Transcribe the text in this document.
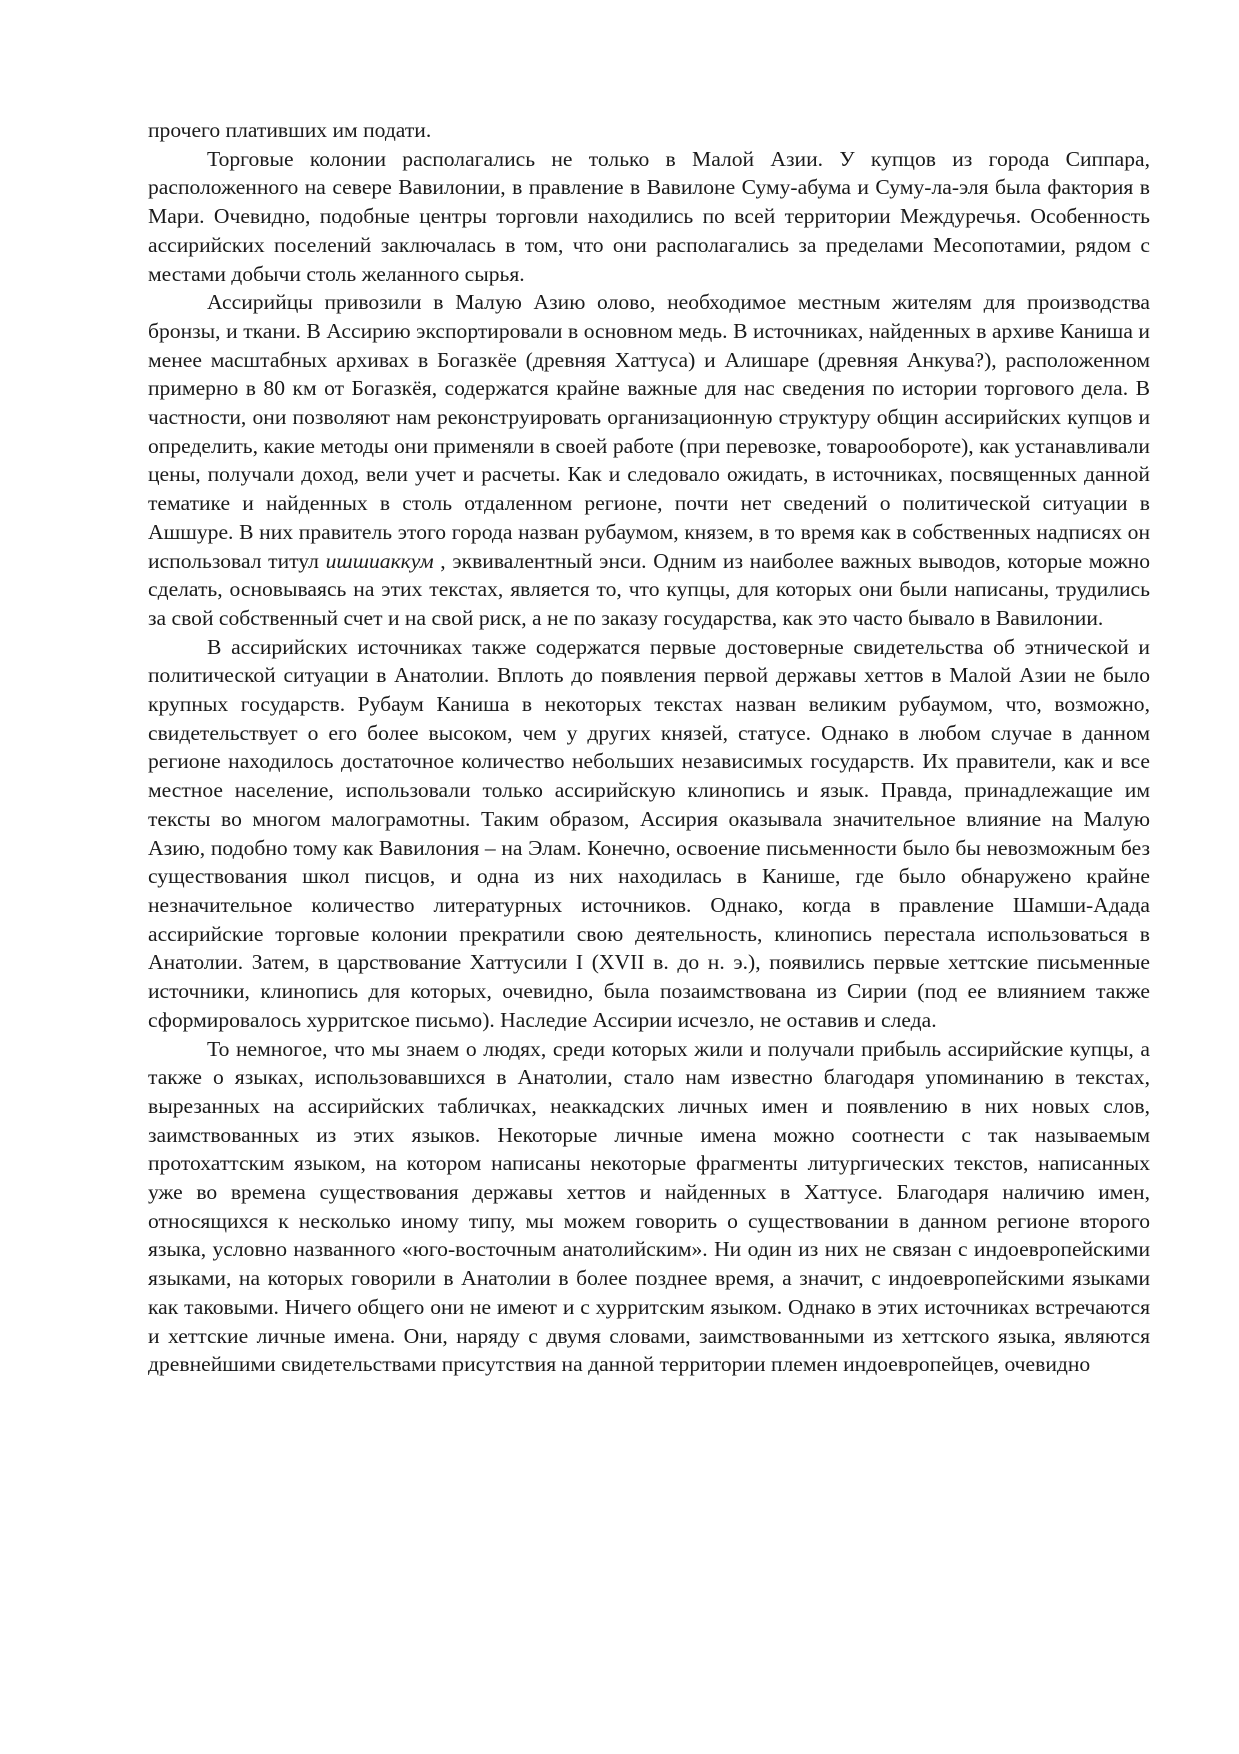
прочего плативших им подати.

Торговые колонии располагались не только в Малой Азии. У купцов из города Сиппара, расположенного на севере Вавилонии, в правление в Вавилоне Суму-абума и Суму-ла-эля была фактория в Мари. Очевидно, подобные центры торговли находились по всей территории Междуречья. Особенность ассирийских поселений заключалась в том, что они располагались за пределами Месопотамии, рядом с местами добычи столь желанного сырья.

Ассирийцы привозили в Малую Азию олово, необходимое местным жителям для производства бронзы, и ткани. В Ассирию экспортировали в основном медь. В источниках, найденных в архиве Каниша и менее масштабных архивах в Богазкёе (древняя Хаттуса) и Алишаре (древняя Анкува?), расположенном примерно в 80 км от Богазкёя, содержатся крайне важные для нас сведения по истории торгового дела. В частности, они позволяют нам реконструировать организационную структуру общин ассирийских купцов и определить, какие методы они применяли в своей работе (при перевозке, товарообороте), как устанавливали цены, получали доход, вели учет и расчеты. Как и следовало ожидать, в источниках, посвященных данной тематике и найденных в столь отдаленном регионе, почти нет сведений о политической ситуации в Ашшуре. В них правитель этого города назван рубаумом, князем, в то время как в собственных надписях он использовал титул ишшиаккум , эквивалентный энси. Одним из наиболее важных выводов, которые можно сделать, основываясь на этих текстах, является то, что купцы, для которых они были написаны, трудились за свой собственный счет и на свой риск, а не по заказу государства, как это часто бывало в Вавилонии.

В ассирийских источниках также содержатся первые достоверные свидетельства об этнической и политической ситуации в Анатолии. Вплоть до появления первой державы хеттов в Малой Азии не было крупных государств. Рубаум Каниша в некоторых текстах назван великим рубаумом, что, возможно, свидетельствует о его более высоком, чем у других князей, статусе. Однако в любом случае в данном регионе находилось достаточное количество небольших независимых государств. Их правители, как и все местное население, использовали только ассирийскую клинопись и язык. Правда, принадлежащие им тексты во многом малограмотны. Таким образом, Ассирия оказывала значительное влияние на Малую Азию, подобно тому как Вавилония – на Элам. Конечно, освоение письменности было бы невозможным без существования школ писцов, и одна из них находилась в Канише, где было обнаружено крайне незначительное количество литературных источников. Однако, когда в правление Шамши-Адада ассирийские торговые колонии прекратили свою деятельность, клинопись перестала использоваться в Анатолии. Затем, в царствование Хаттусили I (XVII в. до н. э.), появились первые хеттские письменные источники, клинопись для которых, очевидно, была позаимствована из Сирии (под ее влиянием также сформировалось хурритское письмо). Наследие Ассирии исчезло, не оставив и следа.

То немногое, что мы знаем о людях, среди которых жили и получали прибыль ассирийские купцы, а также о языках, использовавшихся в Анатолии, стало нам известно благодаря упоминанию в текстах, вырезанных на ассирийских табличках, неаккадских личных имен и появлению в них новых слов, заимствованных из этих языков. Некоторые личные имена можно соотнести с так называемым протохаттским языком, на котором написаны некоторые фрагменты литургических текстов, написанных уже во времена существования державы хеттов и найденных в Хаттусе. Благодаря наличию имен, относящихся к несколько иному типу, мы можем говорить о существовании в данном регионе второго языка, условно названного «юго-восточным анатолийским». Ни один из них не связан с индоевропейскими языками, на которых говорили в Анатолии в более позднее время, а значит, с индоевропейскими языками как таковыми. Ничего общего они не имеют и с хурритским языком. Однако в этих источниках встречаются и хеттские личные имена. Они, наряду с двумя словами, заимствованными из хеттского языка, являются древнейшими свидетельствами присутствия на данной территории племен индоевропейцев, очевидно
